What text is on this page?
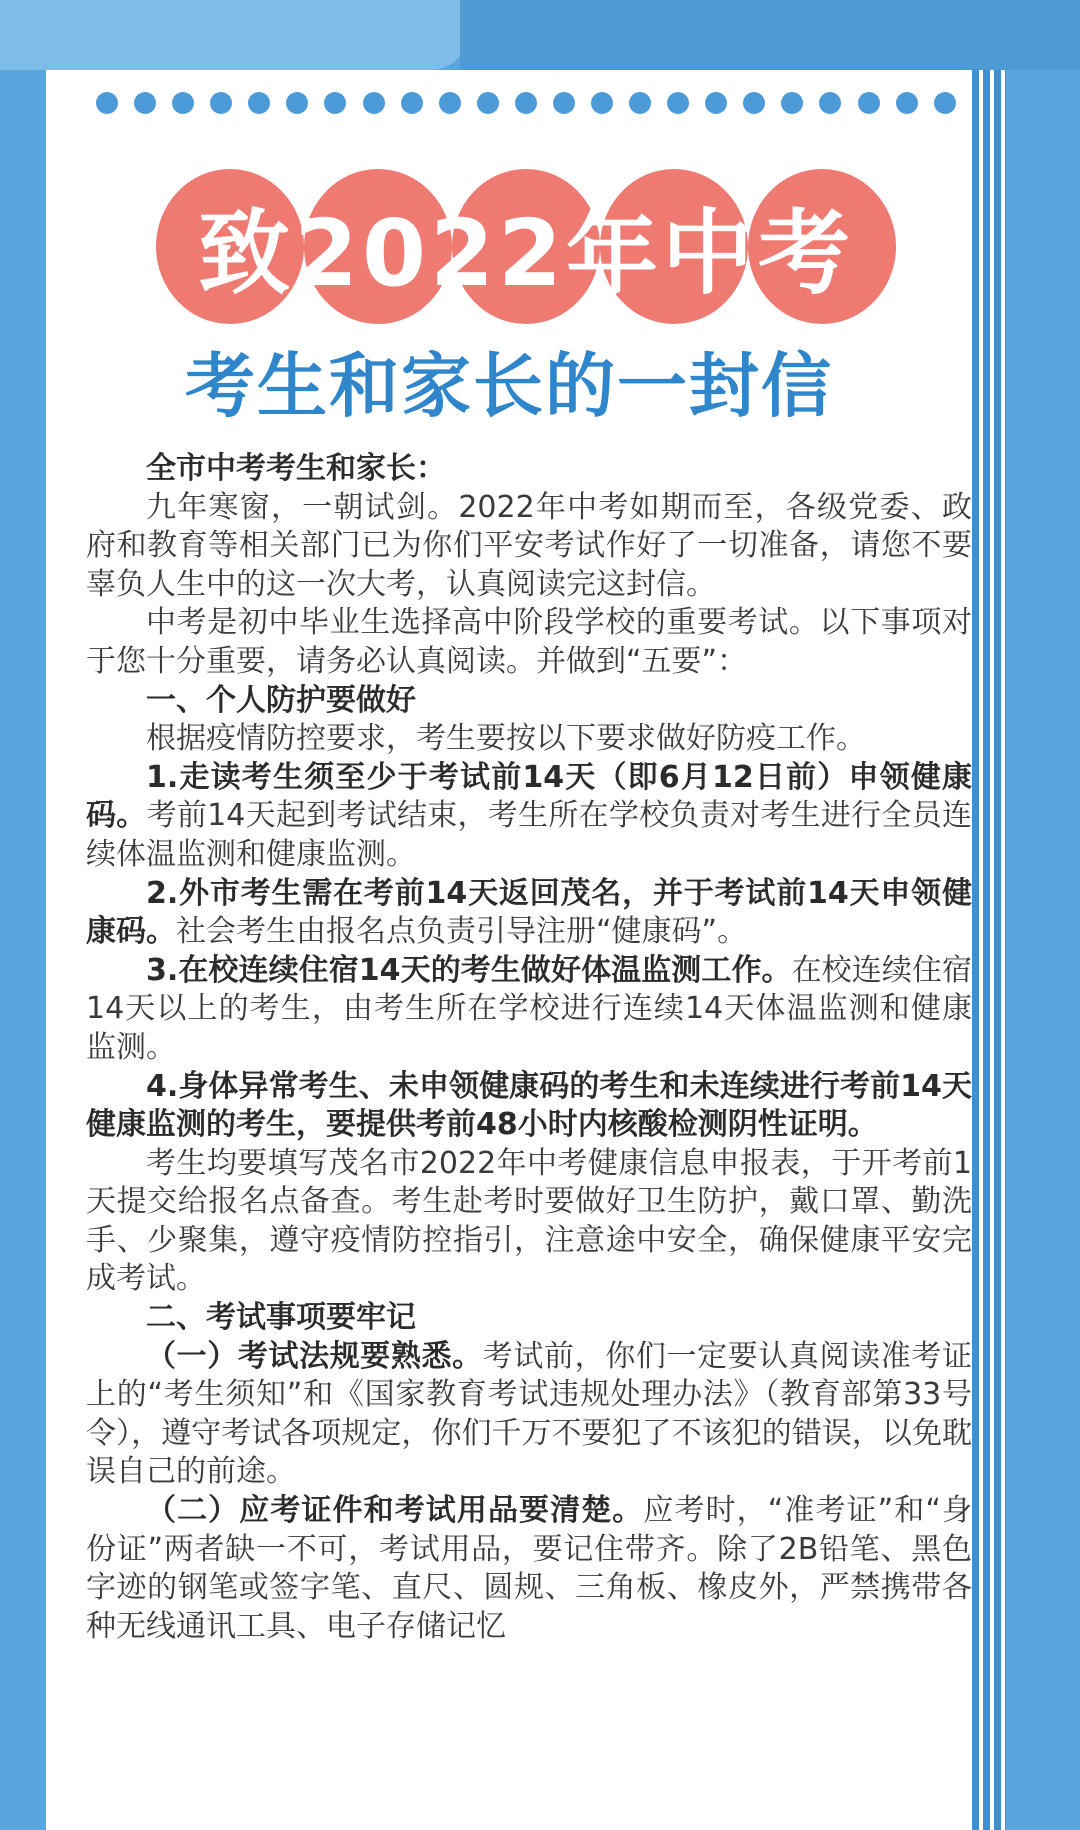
致2022年中考
考生和家长的一封信

全市中考考生和家长：

九年寒窗，一朝试剑。2022年中考如期而至，各级党委、政府和教育等相关部门已为你们平安考试作好了一切准备，请您不要辜负人生中的这一次大考，认真阅读完这封信。

中考是初中毕业生选择高中阶段学校的重要考试。以下事项对于您十分重要，请务必认真阅读。并做到“五要”：

一、个人防护要做好

根据疫情防控要求，考生要按以下要求做好防疫工作。

1.走读考生须至少于考试前14天（即6月12日前）申领健康码。考前14天起到考试结束，考生所在学校负责对考生进行全员连续体温监测和健康监测。

2.外市考生需在考前14天返回茂名，并于考试前14天申领健康码。社会考生由报名点负责引导注册“健康码”。

3.在校连续住宿14天的考生做好体温监测工作。在校连续住宿14天以上的考生，由考生所在学校进行连续14天体温监测和健康监测。

4.身体异常考生、未申领健康码的考生和未连续进行考前14天健康监测的考生，要提供考前48小时内核酸检测阴性证明。

考生均要填写茂名市2022年中考健康信息申报表，于开考前1天提交给报名点备查。考生赴考时要做好卫生防护，戴口罩、勤洗手、少聚集，遵守疫情防控指引，注意途中安全，确保健康平安完成考试。

二、考试事项要牢记

（一）考试法规要熟悉。考试前，你们一定要认真阅读准考证上的“考生须知”和《国家教育考试违规处理办法》（教育部第33号令），遵守考试各项规定，你们千万不要犯了不该犯的错误，以免耽误自己的前途。

（二）应考证件和考试用品要清楚。应考时，“准考证”和“身份证”两者缺一不可，考试用品，要记住带齐。除了2B铅笔、黑色字迹的钢笔或签字笔、直尺、圆规、三角板、橡皮外，严禁携带各种无线通讯工具、电子存储记忆
